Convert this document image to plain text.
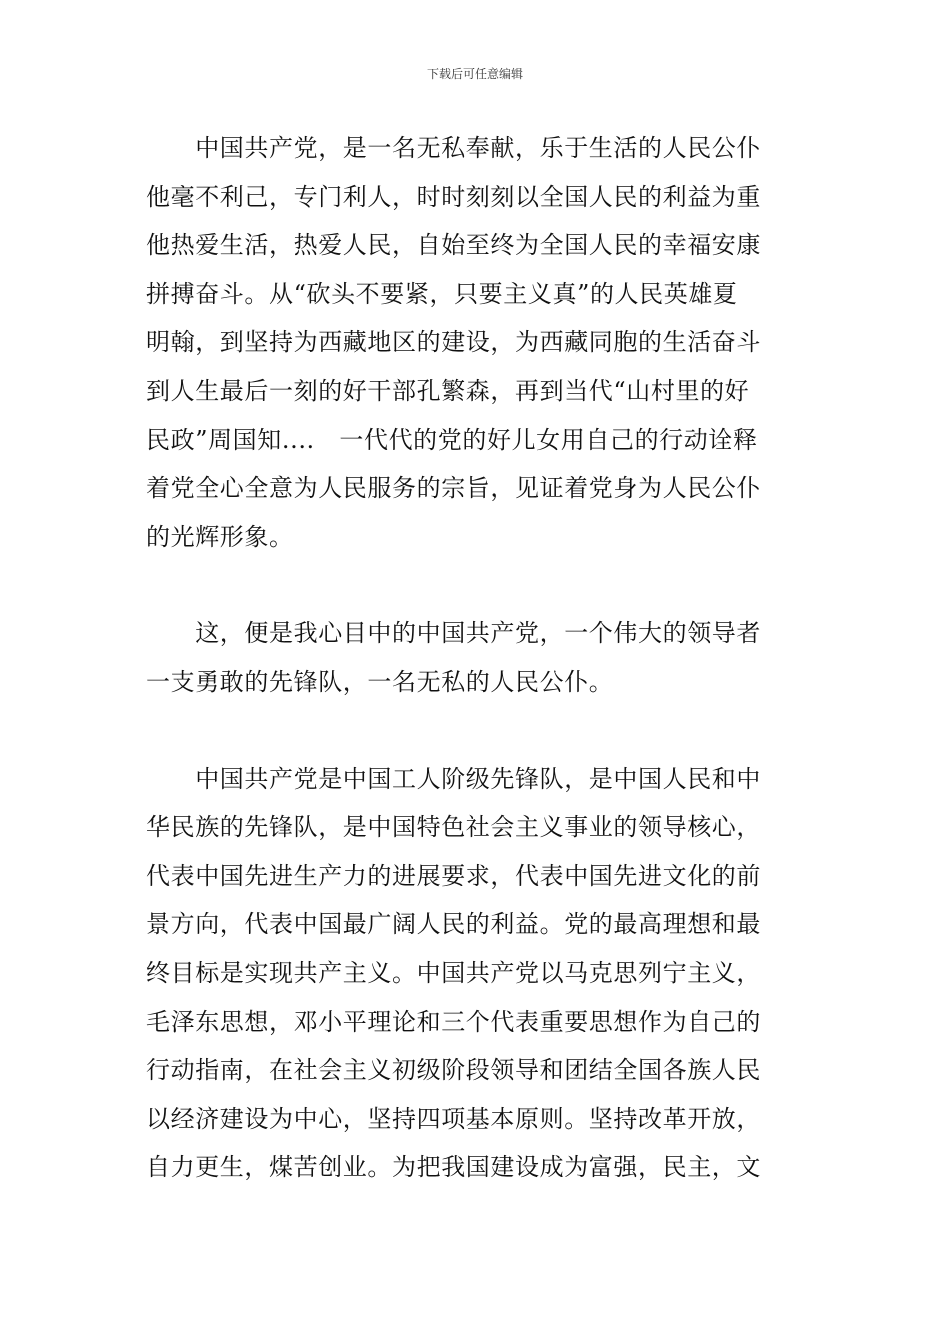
下载后可任意编辑
　　中国共产党，是一名无私奉献，乐于生活的人民公仆
他毫不利己，专门利人，时时刻刻以全国人民的利益为重
他热爱生活，热爱人民，自始至终为全国人民的幸福安康
拼搏奋斗。从“砍头不要紧，只要主义真”的人民英雄夏
明翰，到坚持为西藏地区的建设，为西藏同胞的生活奋斗
到人生最后一刻的好干部孔繁森，再到当代“山村里的好
民政”周国知....　一代代的党的好儿女用自己的行动诠释
着党全心全意为人民服务的宗旨，见证着党身为人民公仆
的光辉形象。
　　这，便是我心目中的中国共产党，一个伟大的领导者
一支勇敢的先锋队，一名无私的人民公仆。
　　中国共产党是中国工人阶级先锋队，是中国人民和中
华民族的先锋队，是中国特色社会主义事业的领导核心，
代表中国先进生产力的进展要求，代表中国先进文化的前
景方向，代表中国最广阔人民的利益。党的最高理想和最
终目标是实现共产主义。中国共产党以马克思列宁主义，
毛泽东思想，邓小平理论和三个代表重要思想作为自己的
行动指南，在社会主义初级阶段领导和团结全国各族人民
以经济建设为中心，坚持四项基本原则。坚持改革开放，
自力更生，煤苦创业。为把我国建设成为富强，民主，文
